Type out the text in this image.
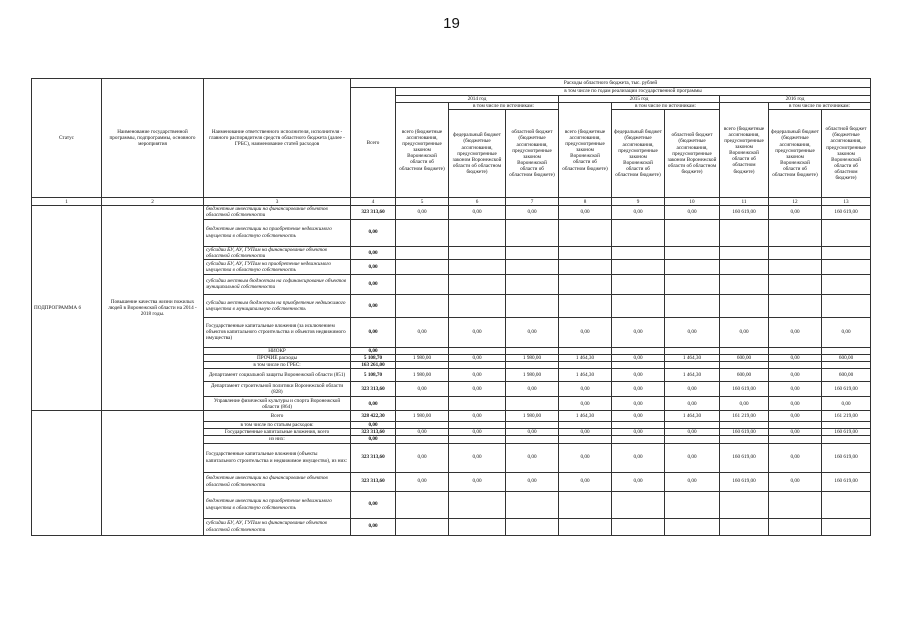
19
Статус	Наименование государственной программы, подпрограммы, основного мероприятия	Наименование ответственного исполнителя, исполнителя - главного распорядителя средств областного бюджета (далее - ГРБС), наименование статей расходов	Расходы областного бюджета, тыс. рублей									
			Всего	в том числе по годам реализации государственной программы								
				2014 год			2015 год			2016 год		
				всего (бюджетные ассигнования, предусмотренные законом Воронежской области об областном бюджете)	в том числе по источникам:		всего (бюджетные ассигнования, предусмотренные законом Воронежской области об областном бюджете)	в том числе по источникам:		всего (бюджетные ассигнования, предусмотренные законом Воронежской области об областном бюджете)	в том числе по источникам:	
					федеральный бюджет (бюджетные ассигнования, предусмотренные законом Воронежской области об областном бюджете)	областной бюджет (бюджетные ассигнования, предусмотренные законом Воронежской области об областном бюджете)		федеральный бюджет (бюджетные ассигнования, предусмотренные законом Воронежской области об областном бюджете)	областной бюджет (бюджетные ассигнования, предусмотренные законом Воронежской области об областном бюджете)		федеральный бюджет (бюджетные ассигнования, предусмотренные законом Воронежской области об областном бюджете)	областной бюджет (бюджетные ассигнования, предусмотренные законом Воронежской области об областном бюджете)
1	2	3	4	5	6	7	8	9	10	11	12	13
ПОДПРОГРАММА 6	Повышение качества жизни пожилых людей в Воронежской области на 2014 - 2018 годы.	бюджетные инвестиции на финансирование объектов областной собственности	323 313,60	0,00	0,00	0,00	0,00	0,00	0,00	160 619,00	0,00	160 619,00
		бюджетные инвестиции на приобретение недвижимого имущества в областную собственность	0,00									
		субсидии БУ, АУ, ГУПам на финансирование объектов областной собственности	0,00									
		субсидии БУ, АУ, ГУПам на приобретение недвижимого имущества в областную собственность	0,00									
		субсидии местным бюджетам на софинансирование объектов муниципальной собственности	0,00									
		субсидии местным бюджетам на приобретение недвижимого имущества в муниципальную собственность	0,00									
		Государственные капитальные вложения (за исключением объектов капитального строительства и объектов недвижимого имущества)	0,00	0,00	0,00	0,00	0,00	0,00	0,00	0,00	0,00	0,00
		НИОКР	0,00									
		ПРОЧИЕ расходы	5 108,70	1 980,00	0,00	1 980,00	1 464,30	0,00	1 464,30	600,00	0,00	600,00
		в том числе по ГРБС:	163 261,00									
		Департамент социальной защиты Воронежской области (851)	5 108,70	1 980,00	0,00	1 980,00	1 464,30	0,00	1 464,30	600,00	0,00	600,00
		Департамент строительной политики Воронежской области (828)	323 313,60	0,00	0,00	0,00	0,00	0,00	0,00	160 619,00	0,00	160 619,00
		Управление физической культуры и спорта Воронежской области (864)	0,00				0,00	0,00	0,00	0,00	0,00	0,00
		Всего	328 422,30	1 980,00	0,00	1 980,00	1 464,30	0,00	1 464,30	161 219,00	0,00	161 219,00
		в том числе по статьям расходов:	0,00									
		Государственные капитальные вложения, всего	323 313,60	0,00	0,00	0,00	0,00	0,00	0,00	160 619,00	0,00	160 619,00
		из них:	0,00									
		Государственные капитальные вложения (объекты капитального строительства и недвижимое имущество), из них:	323 313,60	0,00	0,00	0,00	0,00	0,00	0,00	160 619,00	0,00	160 619,00
		бюджетные инвестиции на финансирование объектов областной собственности	323 313,60	0,00	0,00	0,00	0,00	0,00	0,00	160 619,00	0,00	160 619,00
		бюджетные инвестиции на приобретение недвижимого имущества в областную собственность	0,00									
		субсидии БУ, АУ, ГУПам на финансирование объектов областной собственности	0,00									
